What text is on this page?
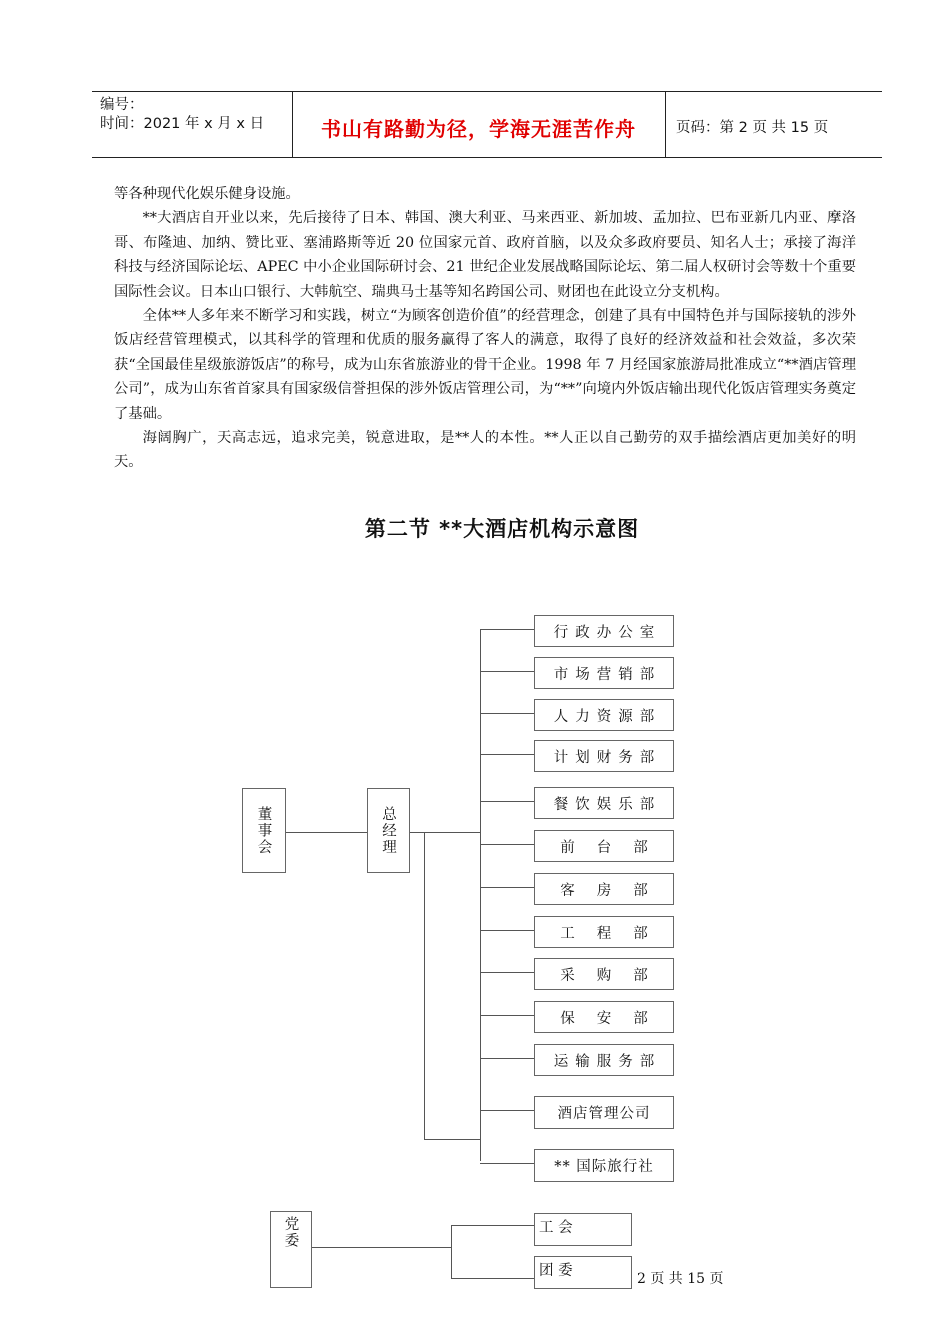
编号：
时间：2021 年 x 月 x 日	书山有路勤为径，学海无涯苦作舟	页码：第 2 页 共 15 页

等各种现代化娱乐健身设施。

**大酒店自开业以来，先后接待了日本、韩国、澳大利亚、马来西亚、新加坡、孟加拉、巴布亚新几内亚、摩洛哥、布隆迪、加纳、赞比亚、塞浦路斯等近 20 位国家元首、政府首脑，以及众多政府要员、知名人士；承接了海洋科技与经济国际论坛、APEC 中小企业国际研讨会、21 世纪企业发展战略国际论坛、第二届人权研讨会等数十个重要国际性会议。日本山口银行、大韩航空、瑞典马士基等知名跨国公司、财团也在此设立分支机构。

全体**人多年来不断学习和实践，树立“为顾客创造价值”的经营理念，创建了具有中国特色并与国际接轨的涉外饭店经营管理模式，以其科学的管理和优质的服务赢得了客人的满意，取得了良好的经济效益和社会效益，多次荣获“全国最佳星级旅游饭店”的称号，成为山东省旅游业的骨干企业。1998 年 7 月经国家旅游局批准成立“**酒店管理公司”，成为山东省首家具有国家级信誉担保的涉外饭店管理公司，为“**”向境内外饭店输出现代化饭店管理实务奠定了基础。

海阔胸广，天高志远，追求完美，锐意进取，是**人的本性。**人正以自己勤劳的双手描绘酒店更加美好的明天。

第二节 **大酒店机构示意图
董事会	总经理
行政办公室
市场营销部
人力资源部
计划财务部
餐饮娱乐部
前台部
客房部
工程部
采购部
保安部
运输服务部
酒店管理公司
** 国际旅行社
党委	工 会
团 委	2 页 共 15 页
